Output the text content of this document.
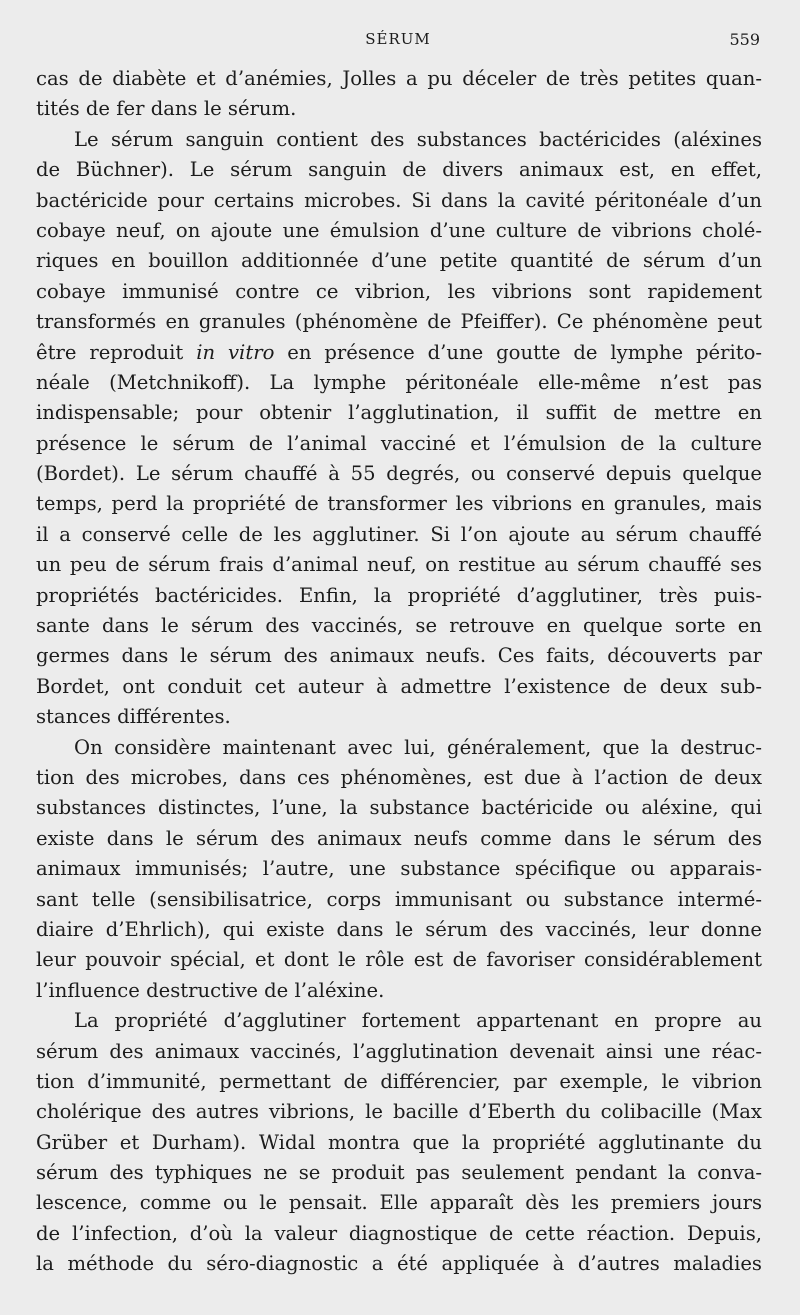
SÉRUM	559
cas de diabète et d’anémies, Jolles a pu déceler de très petites quan-
tités de fer dans le sérum.
Le sérum sanguin contient des substances bactéricides (aléxines
de Büchner). Le sérum sanguin de divers animaux est, en effet,
bactéricide pour certains microbes. Si dans la cavité péritonéale d’un
cobaye neuf, on ajoute une émulsion d’une culture de vibrions cholé-
riques en bouillon additionnée d’une petite quantité de sérum d’un
cobaye immunisé contre ce vibrion, les vibrions sont rapidement
transformés en granules (phénomène de Pfeiffer). Ce phénomène peut
être reproduit in vitro en présence d’une goutte de lymphe périto-
néale (Metchnikoff). La lymphe péritonéale elle-même n’est pas
indispensable; pour obtenir l’agglutination, il suffit de mettre en
présence le sérum de l’animal vacciné et l’émulsion de la culture
(Bordet). Le sérum chauffé à 55 degrés, ou conservé depuis quelque
temps, perd la propriété de transformer les vibrions en granules, mais
il a conservé celle de les agglutiner. Si l’on ajoute au sérum chauffé
un peu de sérum frais d’animal neuf, on restitue au sérum chauffé ses
propriétés bactéricides. Enfin, la propriété d’agglutiner, très puis-
sante dans le sérum des vaccinés, se retrouve en quelque sorte en
germes dans le sérum des animaux neufs. Ces faits, découverts par
Bordet, ont conduit cet auteur à admettre l’existence de deux sub-
stances différentes.
On considère maintenant avec lui, généralement, que la destruc-
tion des microbes, dans ces phénomènes, est due à l’action de deux
substances distinctes, l’une, la substance bactéricide ou aléxine, qui
existe dans le sérum des animaux neufs comme dans le sérum des
animaux immunisés; l’autre, une substance spécifique ou apparais-
sant telle (sensibilisatrice, corps immunisant ou substance intermé-
diaire d’Ehrlich), qui existe dans le sérum des vaccinés, leur donne
leur pouvoir spécial, et dont le rôle est de favoriser considérablement
l’influence destructive de l’aléxine.
La propriété d’agglutiner fortement appartenant en propre au
sérum des animaux vaccinés, l’agglutination devenait ainsi une réac-
tion d’immunité, permettant de différencier, par exemple, le vibrion
cholérique des autres vibrions, le bacille d’Eberth du colibacille (Max
Grüber et Durham). Widal montra que la propriété agglutinante du
sérum des typhiques ne se produit pas seulement pendant la conva-
lescence, comme ou le pensait. Elle apparaît dès les premiers jours
de l’infection, d’où la valeur diagnostique de cette réaction. Depuis,
la méthode du séro-diagnostic a été appliquée à d’autres maladies
